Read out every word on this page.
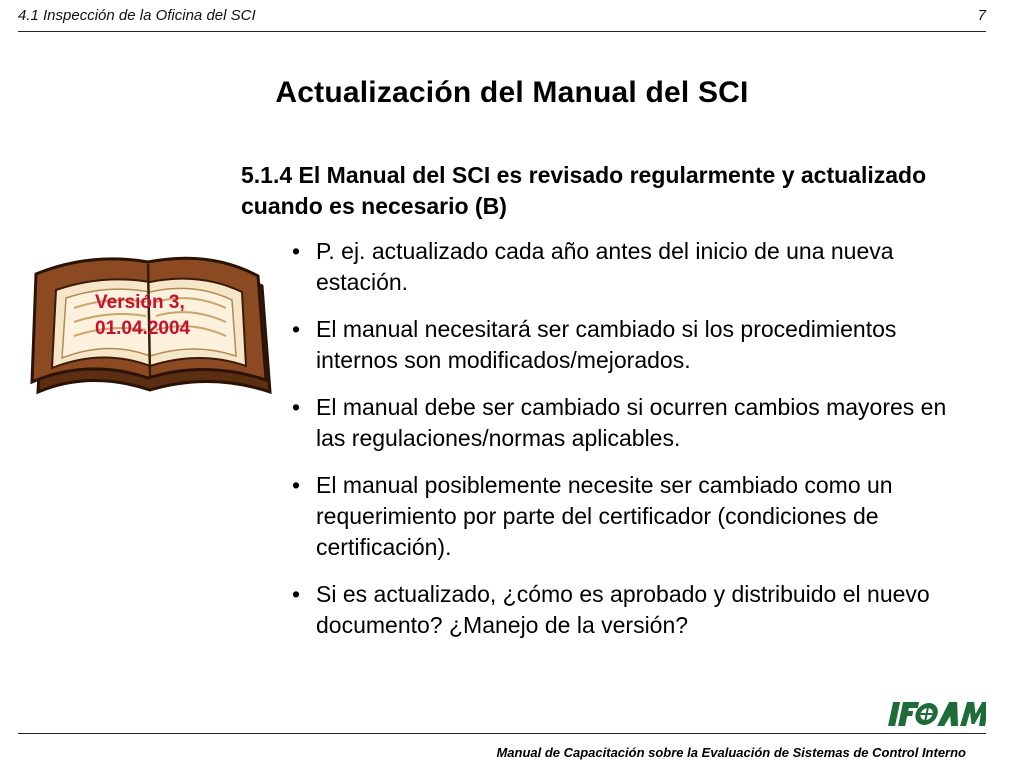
4.1 Inspección de la Oficina del SCI	7
Actualización del Manual del SCI
Versión 3,
01.04.2004
5.1.4 El Manual del SCI es revisado regularmente y actualizado cuando es necesario (B)
• P. ej. actualizado cada año antes del inicio de una nueva estación.
• El manual necesitará ser cambiado si los procedimientos internos son modificados/mejorados.
• El manual debe ser cambiado si ocurren cambios mayores en las regulaciones/normas aplicables.
• El manual posiblemente necesite ser cambiado como un requerimiento por parte del certificador (condiciones de certificación).
• Si es actualizado, ¿cómo es aprobado y distribuido el nuevo documento? ¿Manejo de la versión?
Manual de Capacitación sobre la Evaluación de Sistemas de Control Interno
